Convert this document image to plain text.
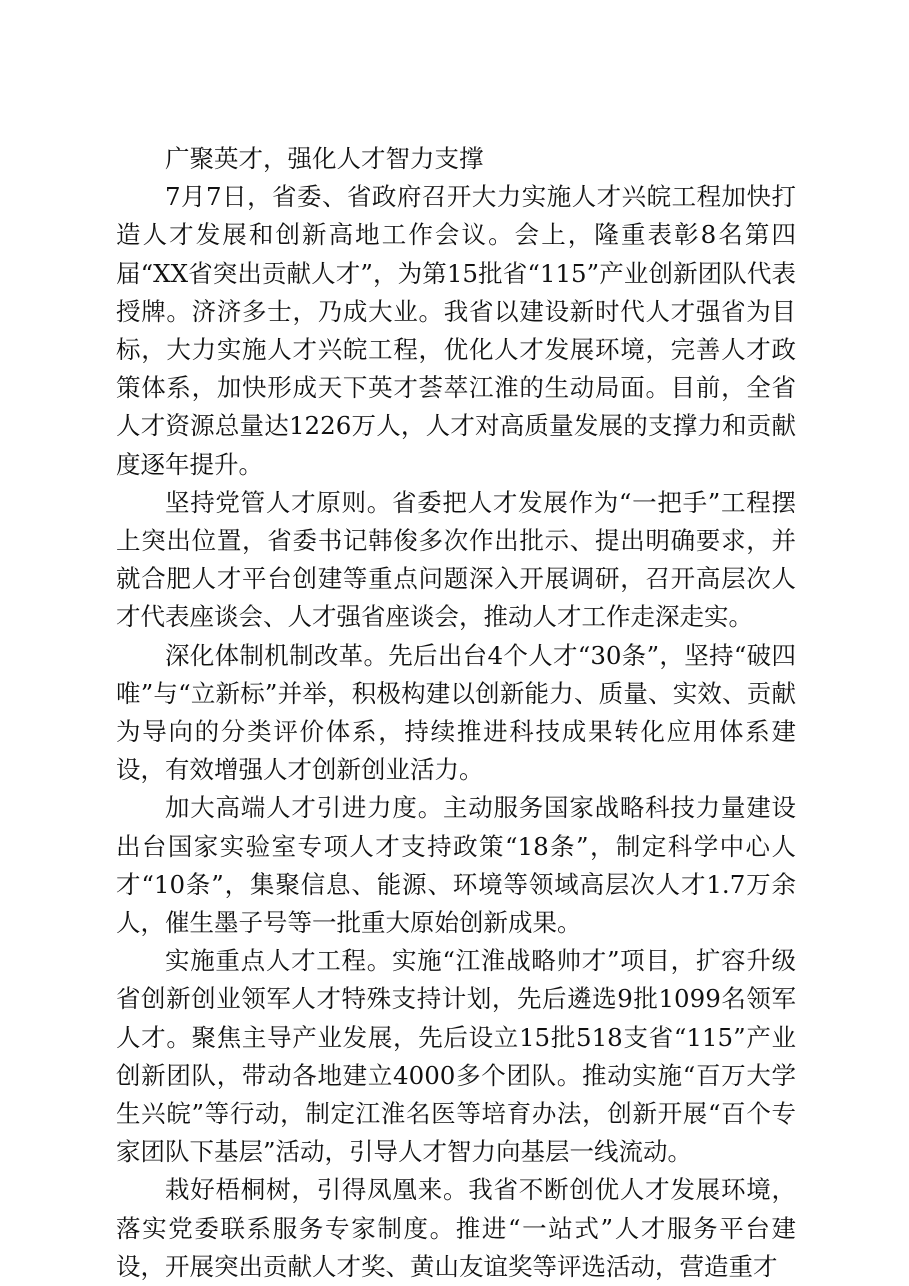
广聚英才，强化人才智力支撑

7月7日，省委、省政府召开大力实施人才兴皖工程加快打造人才发展和创新高地工作会议。会上，隆重表彰8名第四届“XX省突出贡献人才”，为第15批省“115”产业创新团队代表授牌。济济多士，乃成大业。我省以建设新时代人才强省为目标，大力实施人才兴皖工程，优化人才发展环境，完善人才政策体系，加快形成天下英才荟萃江淮的生动局面。目前，全省人才资源总量达1226万人，人才对高质量发展的支撑力和贡献度逐年提升。

坚持党管人才原则。省委把人才发展作为“一把手”工程摆上突出位置，省委书记韩俊多次作出批示、提出明确要求，并就合肥人才平台创建等重点问题深入开展调研，召开高层次人才代表座谈会、人才强省座谈会，推动人才工作走深走实。

深化体制机制改革。先后出台4个人才“30条”，坚持“破四唯”与“立新标”并举，积极构建以创新能力、质量、实效、贡献为导向的分类评价体系，持续推进科技成果转化应用体系建设，有效增强人才创新创业活力。

加大高端人才引进力度。主动服务国家战略科技力量建设出台国家实验室专项人才支持政策“18条”，制定科学中心人才“10条”，集聚信息、能源、环境等领域高层次人才1.7万余人，催生墨子号等一批重大原始创新成果。

实施重点人才工程。实施“江淮战略帅才”项目，扩容升级省创新创业领军人才特殊支持计划，先后遴选9批1099名领军人才。聚焦主导产业发展，先后设立15批518支省“115”产业创新团队，带动各地建立4000多个团队。推动实施“百万大学生兴皖”等行动，制定江淮名医等培育办法，创新开展“百个专家团队下基层”活动，引导人才智力向基层一线流动。

栽好梧桐树，引得凤凰来。我省不断创优人才发展环境，落实党委联系服务专家制度。推进“一站式”人才服务平台建设，开展突出贡献人才奖、黄山友谊奖等评选活动，营造重才
